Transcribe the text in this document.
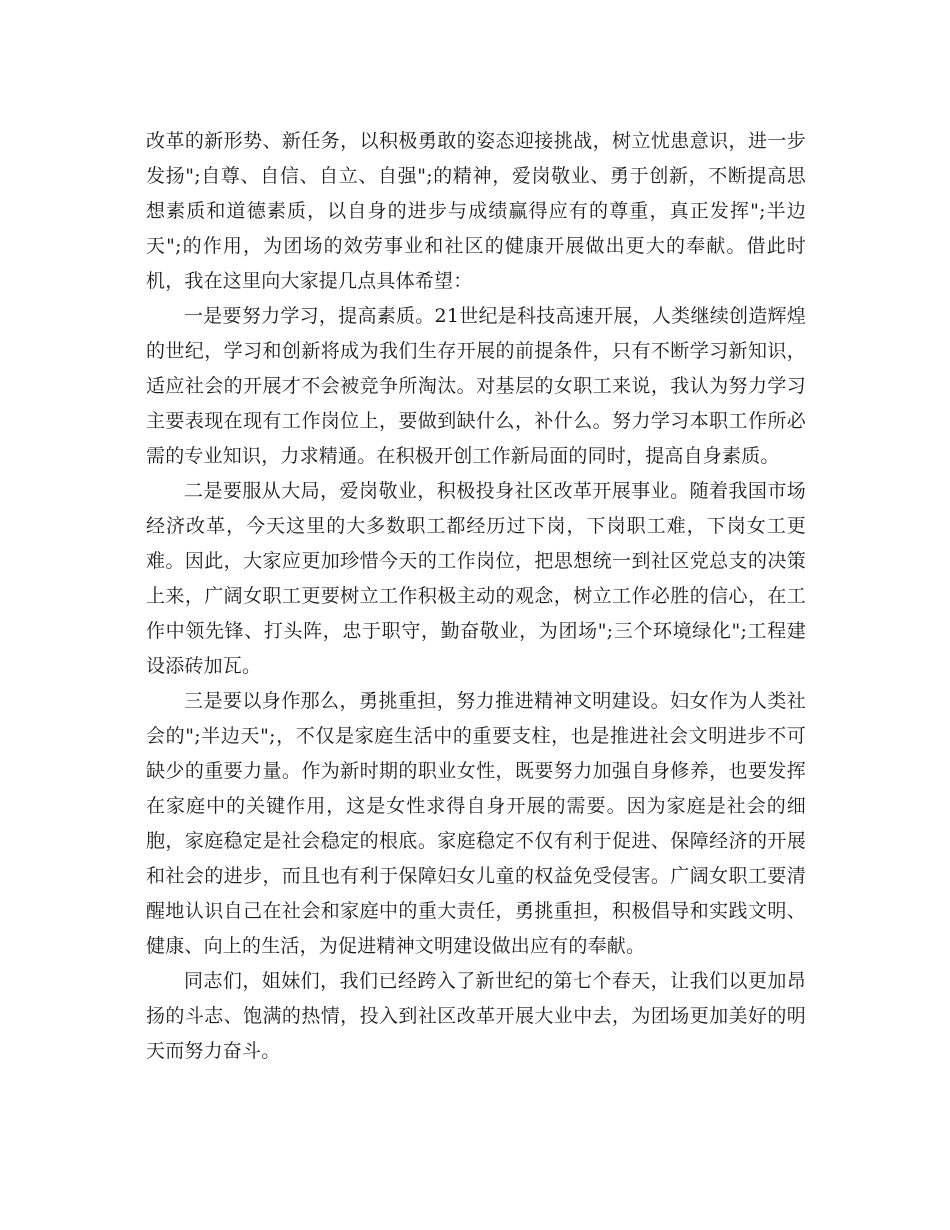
改革的新形势、新任务，以积极勇敢的姿态迎接挑战，树立忧患意识，进一步发扬";自尊、自信、自立、自强";的精神，爱岗敬业、勇于创新，不断提高思想素质和道德素质，以自身的进步与成绩赢得应有的尊重，真正发挥";半边天";的作用，为团场的效劳事业和社区的健康开展做出更大的奉献。借此时机，我在这里向大家提几点具体希望：

一是要努力学习，提高素质。21世纪是科技高速开展，人类继续创造辉煌的世纪，学习和创新将成为我们生存开展的前提条件，只有不断学习新知识，适应社会的开展才不会被竞争所淘汰。对基层的女职工来说，我认为努力学习主要表现在现有工作岗位上，要做到缺什么，补什么。努力学习本职工作所必需的专业知识，力求精通。在积极开创工作新局面的同时，提高自身素质。

二是要服从大局，爱岗敬业，积极投身社区改革开展事业。随着我国市场经济改革，今天这里的大多数职工都经历过下岗，下岗职工难，下岗女工更难。因此，大家应更加珍惜今天的工作岗位，把思想统一到社区党总支的决策上来，广阔女职工更要树立工作积极主动的观念，树立工作必胜的信心，在工作中领先锋、打头阵，忠于职守，勤奋敬业，为团场";三个环境绿化";工程建设添砖加瓦。

三是要以身作那么，勇挑重担，努力推进精神文明建设。妇女作为人类社会的";半边天";，不仅是家庭生活中的重要支柱，也是推进社会文明进步不可缺少的重要力量。作为新时期的职业女性，既要努力加强自身修养，也要发挥在家庭中的关键作用，这是女性求得自身开展的需要。因为家庭是社会的细胞，家庭稳定是社会稳定的根底。家庭稳定不仅有利于促进、保障经济的开展和社会的进步，而且也有利于保障妇女儿童的权益免受侵害。广阔女职工要清醒地认识自己在社会和家庭中的重大责任，勇挑重担，积极倡导和实践文明、健康、向上的生活，为促进精神文明建设做出应有的奉献。

同志们，姐妹们，我们已经跨入了新世纪的第七个春天，让我们以更加昂扬的斗志、饱满的热情，投入到社区改革开展大业中去，为团场更加美好的明天而努力奋斗。
